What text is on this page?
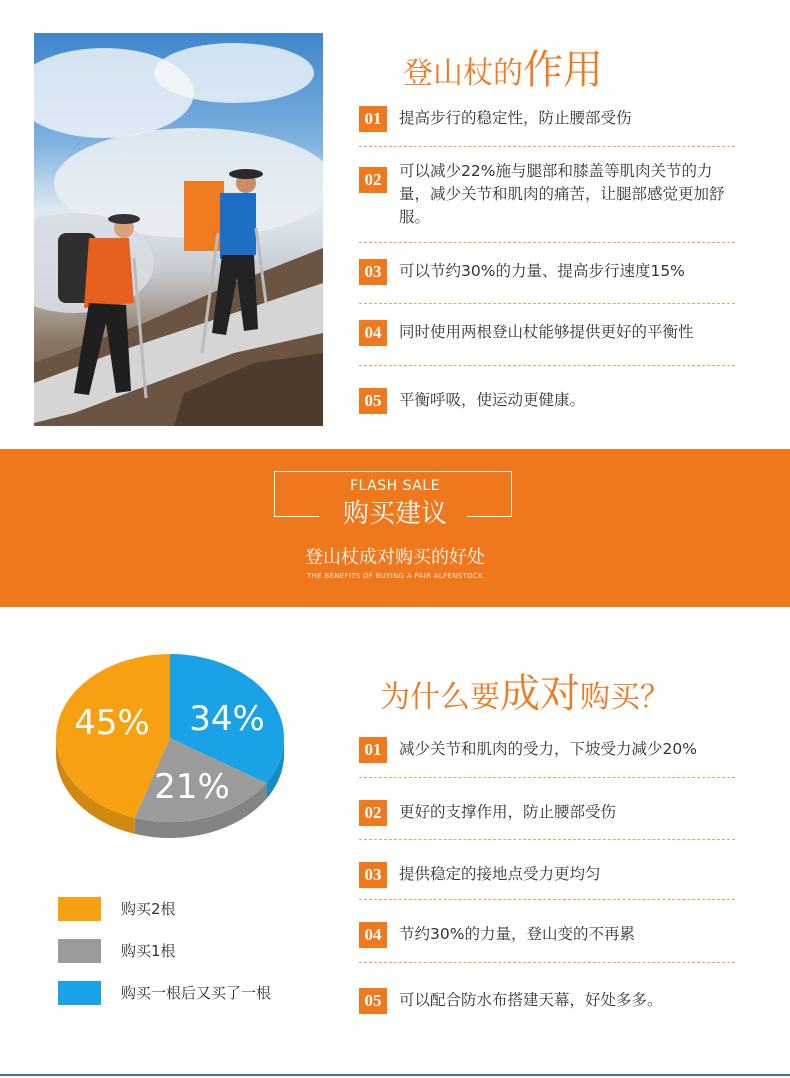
登山杖的作用
01	提高步行的稳定性，防止腰部受伤
02	可以减少22%施与腿部和膝盖等肌肉关节的力量，减少关节和肌肉的痛苦，让腿部感觉更加舒服。
03	可以节约30%的力量、提高步行速度15%
04	同时使用两根登山杖能够提供更好的平衡性
05	平衡呼吸，使运动更健康。
FLASH SALE
购买建议
登山杖成对购买的好处
THE BENEFITS OF BUYING A PAIR ALPENSTOCK
34%
21%
45%
购买2根
购买1根
购买一根后又买了一根
为什么要成对购买？
01	减少关节和肌肉的受力，下坡受力减少20%
02	更好的支撑作用，防止腰部受伤
03	提供稳定的接地点受力更均匀
04	节约30%的力量，登山变的不再累
05	可以配合防水布搭建天幕，好处多多。
